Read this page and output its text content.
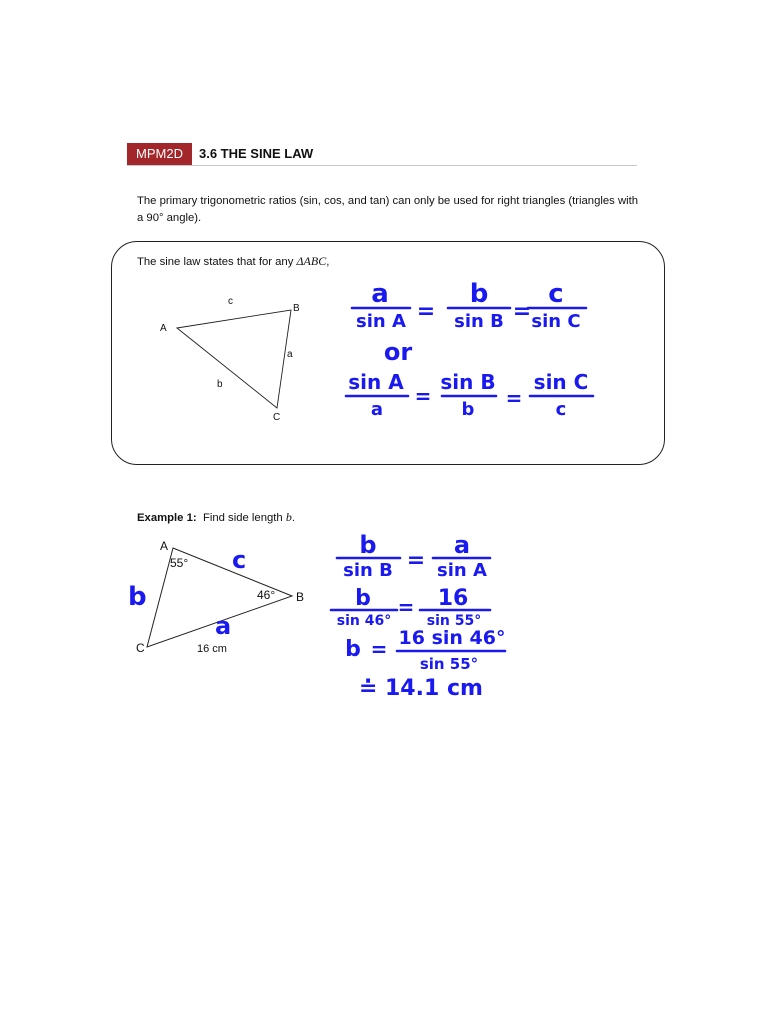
MPM2D	3.6 THE SINE LAW
The primary trigonometric ratios (sin, cos, and tan) can only be used for right triangles (triangles with a 90° angle).
The sine law states that for any ΔABC,
A
B
C
c
a
b
a
sin A =
b
sin B =
c
sin C
or
sin A
a
=
sin B
b =
sin C
c
Example 1: Find side length b.
A
B
C
55°
46°
16 cm
b
c
a
b
sin B =
a
sin A
b
sin 46°
= 16
sin 55°
b = 16 sin 46°
sin 55°
≐ 14.1 cm
